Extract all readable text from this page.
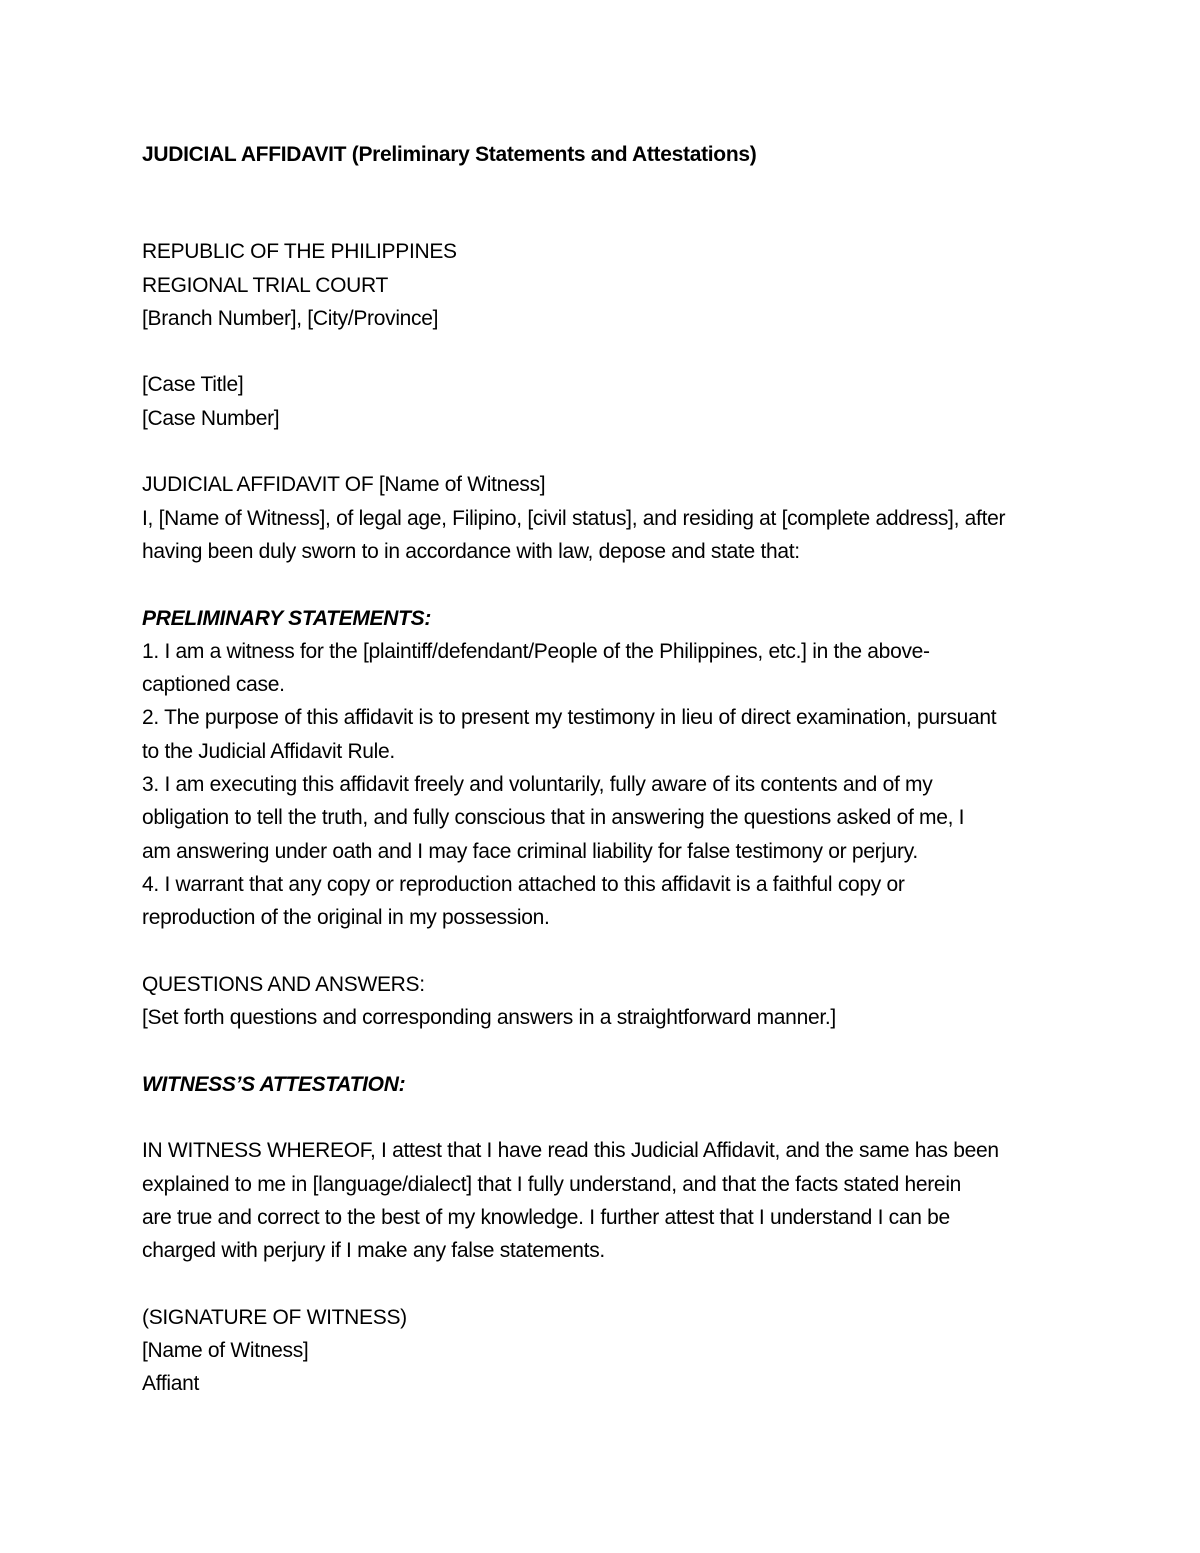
JUDICIAL AFFIDAVIT (Preliminary Statements and Attestations)

REPUBLIC OF THE PHILIPPINES

REGIONAL TRIAL COURT

[Branch Number], [City/Province]

[Case Title]

[Case Number]

JUDICIAL AFFIDAVIT OF [Name of Witness]

I, [Name of Witness], of legal age, Filipino, [civil status], and residing at [complete address], after

having been duly sworn to in accordance with law, depose and state that:

PRELIMINARY STATEMENTS:

1. I am a witness for the [plaintiff/defendant/People of the Philippines, etc.] in the above-

captioned case.

2. The purpose of this affidavit is to present my testimony in lieu of direct examination, pursuant

to the Judicial Affidavit Rule.

3. I am executing this affidavit freely and voluntarily, fully aware of its contents and of my

obligation to tell the truth, and fully conscious that in answering the questions asked of me, I

am answering under oath and I may face criminal liability for false testimony or perjury.

4. I warrant that any copy or reproduction attached to this affidavit is a faithful copy or

reproduction of the original in my possession.

QUESTIONS AND ANSWERS:

[Set forth questions and corresponding answers in a straightforward manner.]

WITNESS’S ATTESTATION:

IN WITNESS WHEREOF, I attest that I have read this Judicial Affidavit, and the same has been

explained to me in [language/dialect] that I fully understand, and that the facts stated herein

are true and correct to the best of my knowledge. I further attest that I understand I can be

charged with perjury if I make any false statements.

(SIGNATURE OF WITNESS)

[Name of Witness]

Affiant
